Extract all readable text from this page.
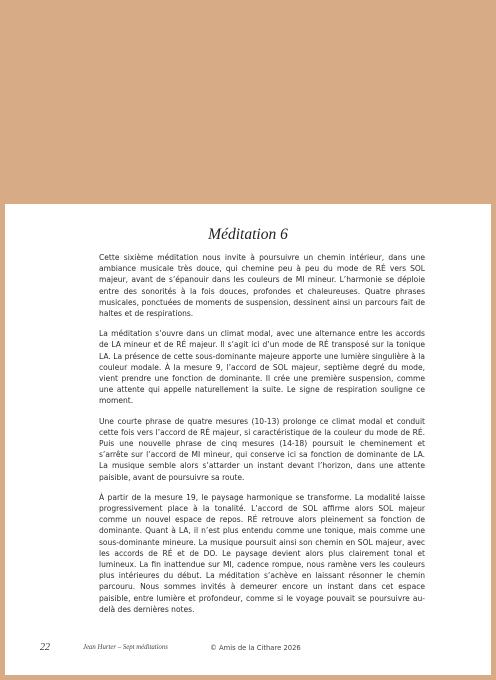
Méditation 6

Cette sixième méditation nous invite à poursuivre un chemin intérieur, dans une ambiance musicale très douce, qui chemine peu à peu du mode de RÉ vers SOL majeur, avant de s’épanouir dans les couleurs de MI mineur. L’harmonie se déploie entre des sonorités à la fois douces, profondes et chaleureuses. Quatre phrases musicales, ponctuées de moments de suspension, dessinent ainsi un parcours fait de haltes et de respirations.

La méditation s’ouvre dans un climat modal, avec une alternance entre les accords de LA mineur et de RÉ majeur. Il s’agit ici d’un mode de RÉ transposé sur la tonique LA. La présence de cette sous-dominante majeure apporte une lumière singulière à la couleur modale. À la mesure 9, l’accord de SOL majeur, septième degré du mode, vient prendre une fonction de dominante. Il crée une première suspension, comme une attente qui appelle naturellement la suite. Le signe de respiration souligne ce moment.

Une courte phrase de quatre mesures (10-13) prolonge ce climat modal et conduit cette fois vers l’accord de RÉ majeur, si caractéristique de la couleur du mode de RÉ. Puis une nouvelle phrase de cinq mesures (14-18) poursuit le cheminement et s’arrête sur l’accord de MI mineur, qui conserve ici sa fonction de dominante de LA. La musique semble alors s’attarder un instant devant l’horizon, dans une attente paisible, avant de poursuivre sa route.

À partir de la mesure 19, le paysage harmonique se transforme. La modalité laisse progressivement place à la tonalité. L’accord de SOL affirme alors SOL majeur comme un nouvel espace de repos. RÉ retrouve alors pleinement sa fonction de dominante. Quant à LA, il n’est plus entendu comme une tonique, mais comme une sous-dominante mineure. La musique poursuit ainsi son chemin en SOL majeur, avec les accords de RÉ et de DO. Le paysage devient alors plus clairement tonal et lumineux. La fin inattendue sur MI, cadence rompue, nous ramène vers les couleurs plus intérieures du début. La méditation s’achève en laissant résonner le chemin parcouru. Nous sommes invités à demeurer encore un instant dans cet espace paisible, entre lumière et profondeur, comme si le voyage pouvait se poursuivre au-delà des dernières notes.

22	Jean Hurter – Sept méditations	© Amis de la Cithare 2026
